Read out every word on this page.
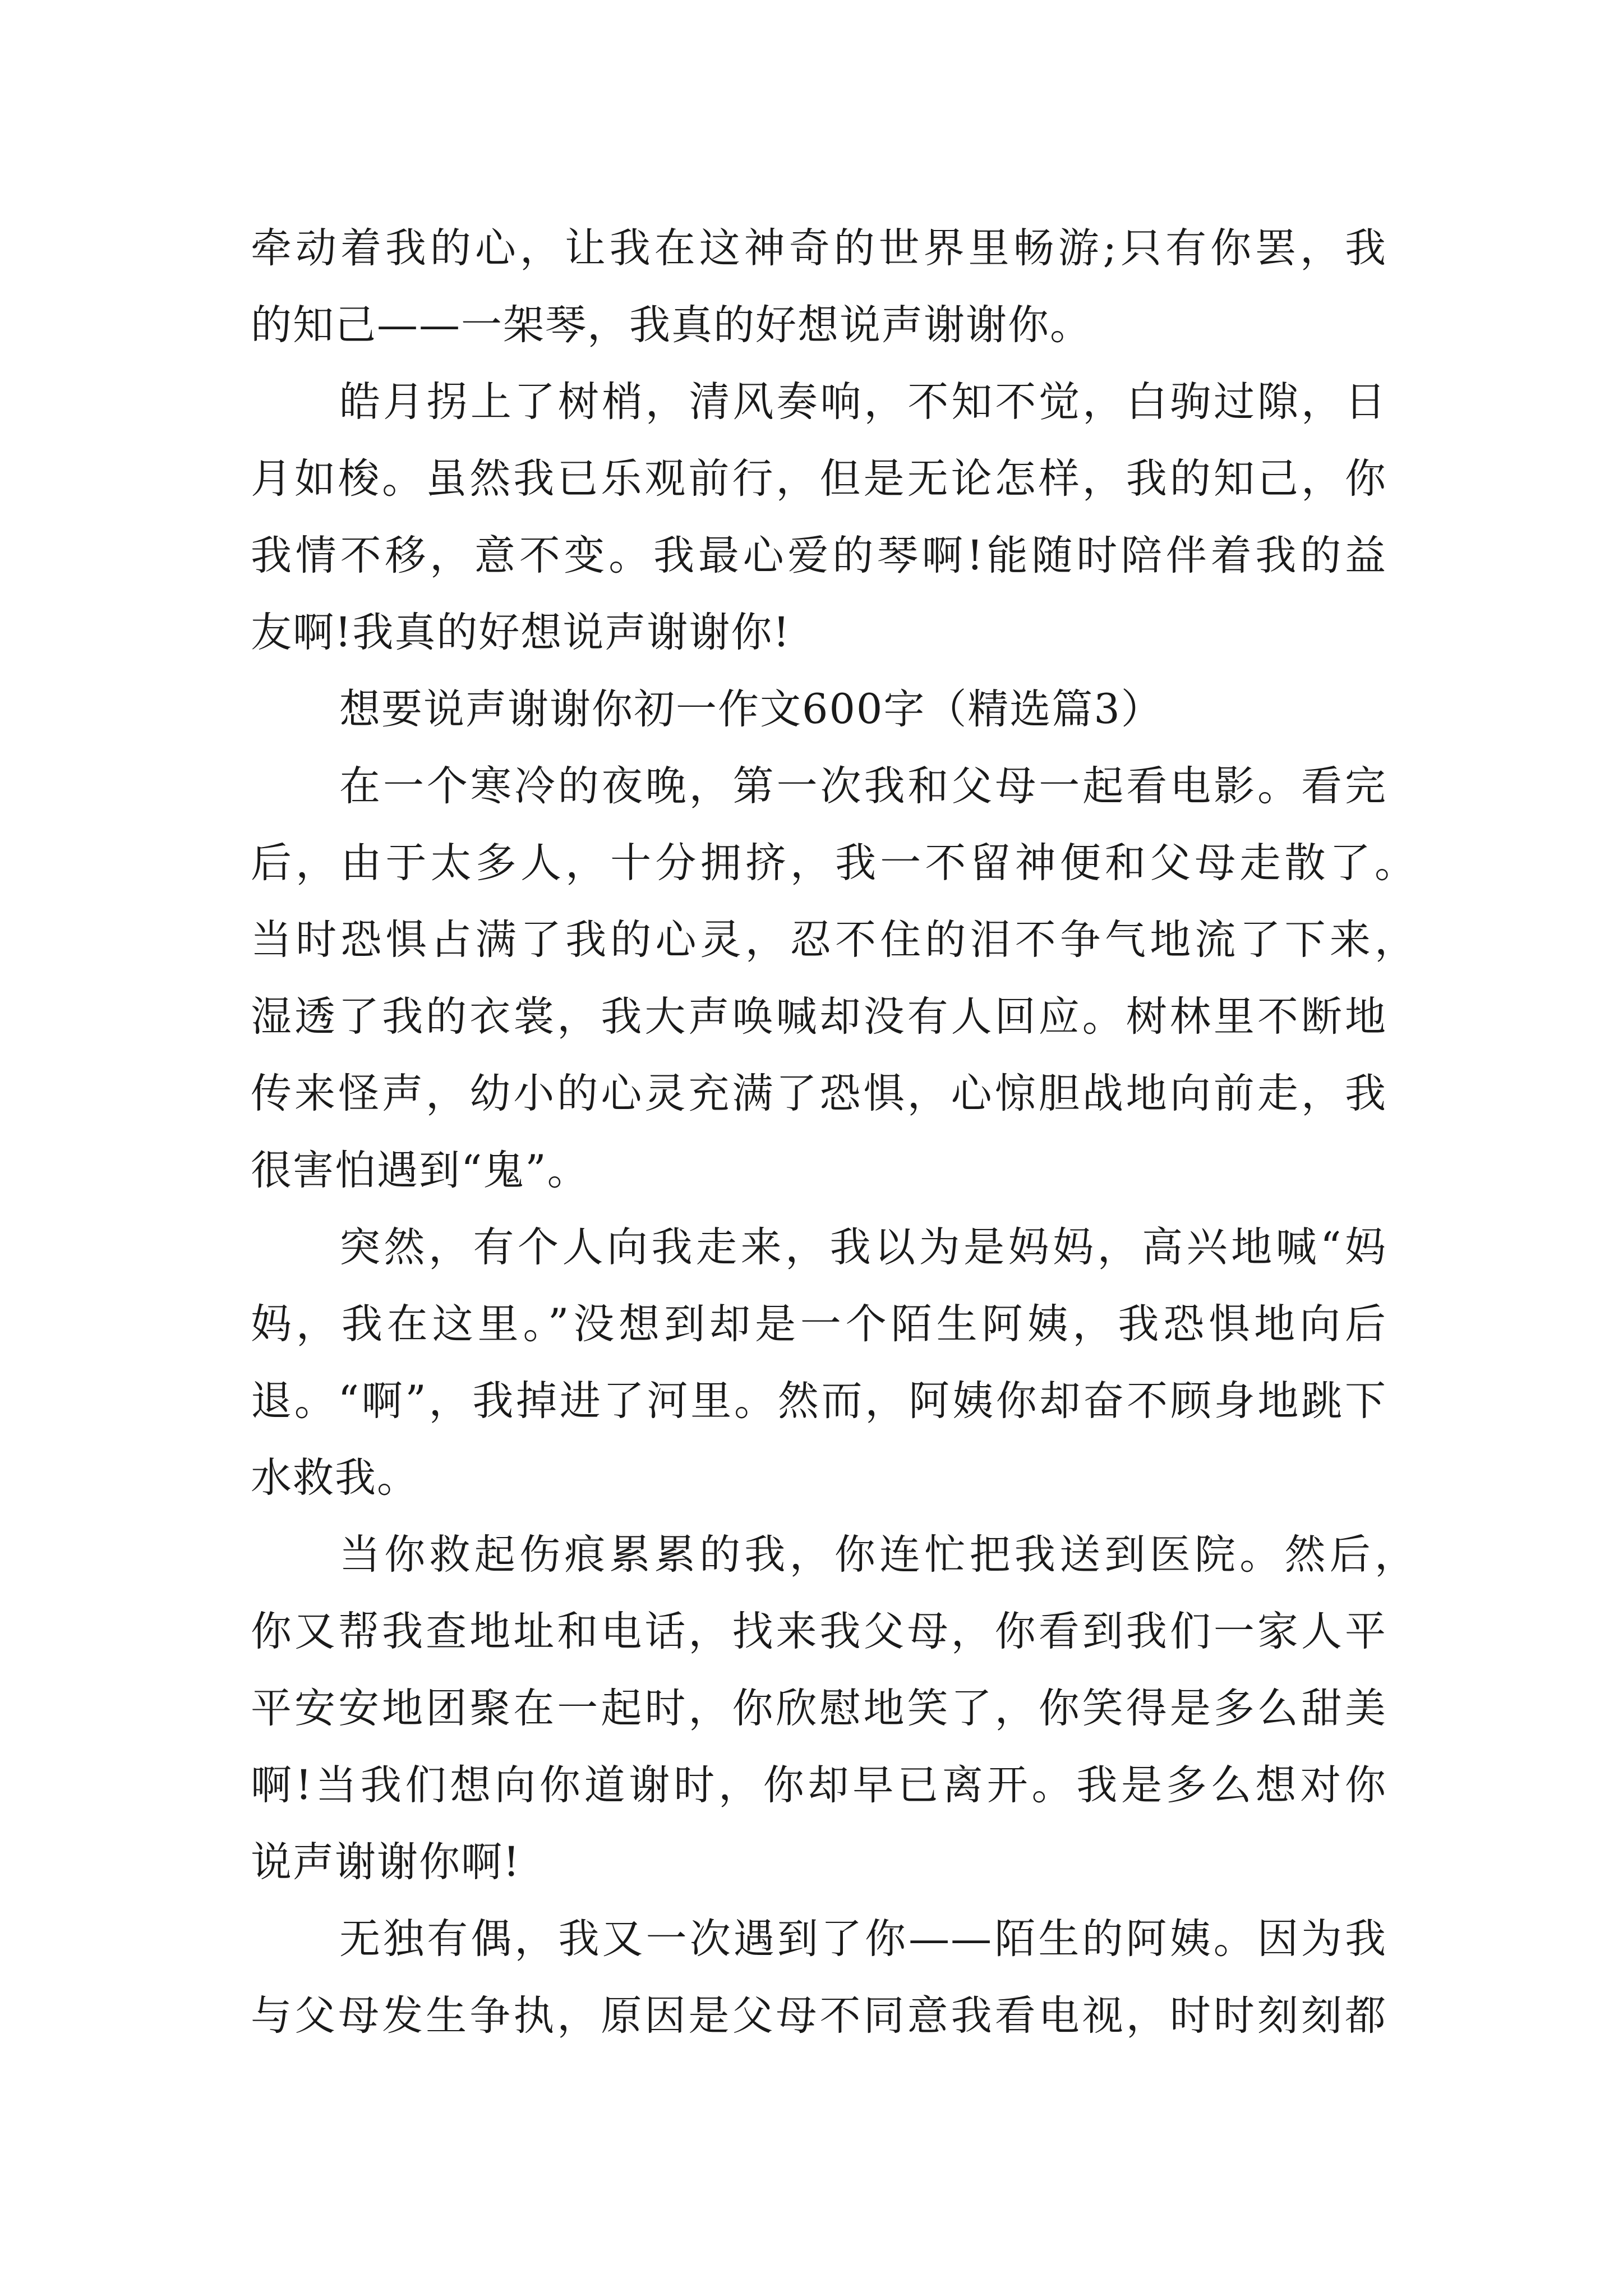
牵动着我的心，让我在这神奇的世界里畅游;只有你罢，我
的知己——一架琴，我真的好想说声谢谢你。
皓月拐上了树梢，清风奏响，不知不觉，白驹过隙，日
月如梭。虽然我已乐观前行，但是无论怎样，我的知己，你
我情不移，意不变。我最心爱的琴啊!能随时陪伴着我的益
友啊!我真的好想说声谢谢你!
想要说声谢谢你初一作文600字（精选篇3）
在一个寒冷的夜晚，第一次我和父母一起看电影。看完
后，由于太多人，十分拥挤，我一不留神便和父母走散了。
当时恐惧占满了我的心灵，忍不住的泪不争气地流了下来，
湿透了我的衣裳，我大声唤喊却没有人回应。树林里不断地
传来怪声，幼小的心灵充满了恐惧，心惊胆战地向前走，我
很害怕遇到“鬼”。
突然，有个人向我走来，我以为是妈妈，高兴地喊“妈
妈，我在这里。”没想到却是一个陌生阿姨，我恐惧地向后
退。“啊”，我掉进了河里。然而，阿姨你却奋不顾身地跳下
水救我。
当你救起伤痕累累的我，你连忙把我送到医院。然后，
你又帮我查地址和电话，找来我父母，你看到我们一家人平
平安安地团聚在一起时，你欣慰地笑了，你笑得是多么甜美
啊!当我们想向你道谢时，你却早已离开。我是多么想对你
说声谢谢你啊!
无独有偶，我又一次遇到了你——陌生的阿姨。因为我
与父母发生争执，原因是父母不同意我看电视，时时刻刻都
